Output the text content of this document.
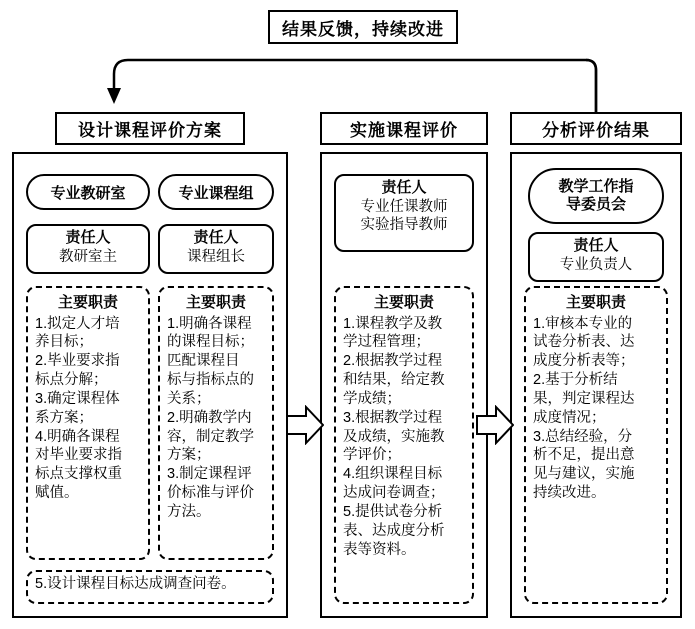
结果反馈，持续改进
设计课程评价方案
专业教研室	专业课程组
责任人
教研室主
责任人
课程组长
主要职责
1.拟定人才培
养目标；
2.毕业要求指
标点分解；
3.确定课程体
系方案；
4.明确各课程
对毕业要求指
标点支撑权重
赋值。
主要职责
1.明确各课程
的课程目标；
匹配课程目
标与指标点的
关系；
2.明确教学内
容，制定教学
方案；
3.制定课程评
价标准与评价
方法。
5.设计课程目标达成调查问卷。
实施课程评价
责任人
专业任课教师
实验指导教师
主要职责
1.课程教学及教
学过程管理；
2.根据教学过程
和结果，给定教
学成绩；
3.根据教学过程
及成绩，实施教
学评价；
4.组织课程目标
达成问卷调查；
5.提供试卷分析
表、达成度分析
表等资料。
分析评价结果
教学工作指
导委员会
责任人
专业负责人
主要职责
1.审核本专业的
试卷分析表、达
成度分析表等；
2.基于分析结
果，判定课程达
成度情况；
3.总结经验，分
析不足，提出意
见与建议，实施
持续改进。
